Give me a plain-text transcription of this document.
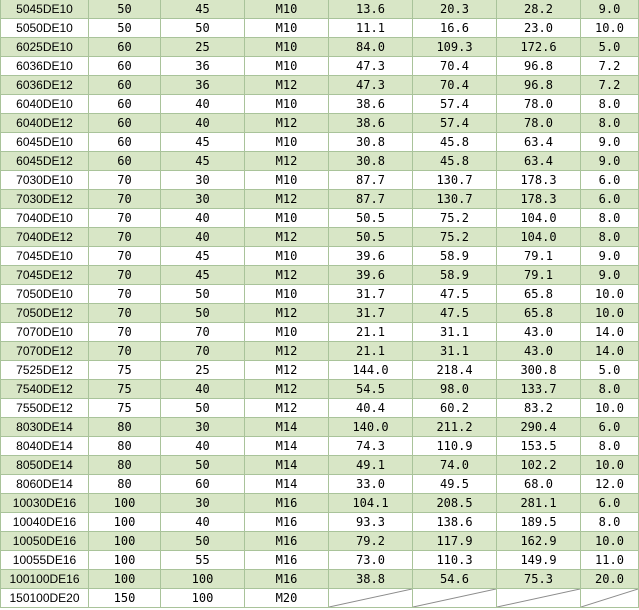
5045DE10	50	45	M10	13.6	20.3	28.2	9.0
5050DE10	50	50	M10	11.1	16.6	23.0	10.0
6025DE10	60	25	M10	84.0	109.3	172.6	5.0
6036DE10	60	36	M10	47.3	70.4	96.8	7.2
6036DE12	60	36	M12	47.3	70.4	96.8	7.2
6040DE10	60	40	M10	38.6	57.4	78.0	8.0
6040DE12	60	40	M12	38.6	57.4	78.0	8.0
6045DE10	60	45	M10	30.8	45.8	63.4	9.0
6045DE12	60	45	M12	30.8	45.8	63.4	9.0
7030DE10	70	30	M10	87.7	130.7	178.3	6.0
7030DE12	70	30	M12	87.7	130.7	178.3	6.0
7040DE10	70	40	M10	50.5	75.2	104.0	8.0
7040DE12	70	40	M12	50.5	75.2	104.0	8.0
7045DE10	70	45	M10	39.6	58.9	79.1	9.0
7045DE12	70	45	M12	39.6	58.9	79.1	9.0
7050DE10	70	50	M10	31.7	47.5	65.8	10.0
7050DE12	70	50	M12	31.7	47.5	65.8	10.0
7070DE10	70	70	M10	21.1	31.1	43.0	14.0
7070DE12	70	70	M12	21.1	31.1	43.0	14.0
7525DE12	75	25	M12	144.0	218.4	300.8	5.0
7540DE12	75	40	M12	54.5	98.0	133.7	8.0
7550DE12	75	50	M12	40.4	60.2	83.2	10.0
8030DE14	80	30	M14	140.0	211.2	290.4	6.0
8040DE14	80	40	M14	74.3	110.9	153.5	8.0
8050DE14	80	50	M14	49.1	74.0	102.2	10.0
8060DE14	80	60	M14	33.0	49.5	68.0	12.0
10030DE16	100	30	M16	104.1	208.5	281.1	6.0
10040DE16	100	40	M16	93.3	138.6	189.5	8.0
10050DE16	100	50	M16	79.2	117.9	162.9	10.0
10055DE16	100	55	M16	73.0	110.3	149.9	11.0
100100DE16	100	100	M16	38.8	54.6	75.3	20.0
150100DE20	150	100	M20	
